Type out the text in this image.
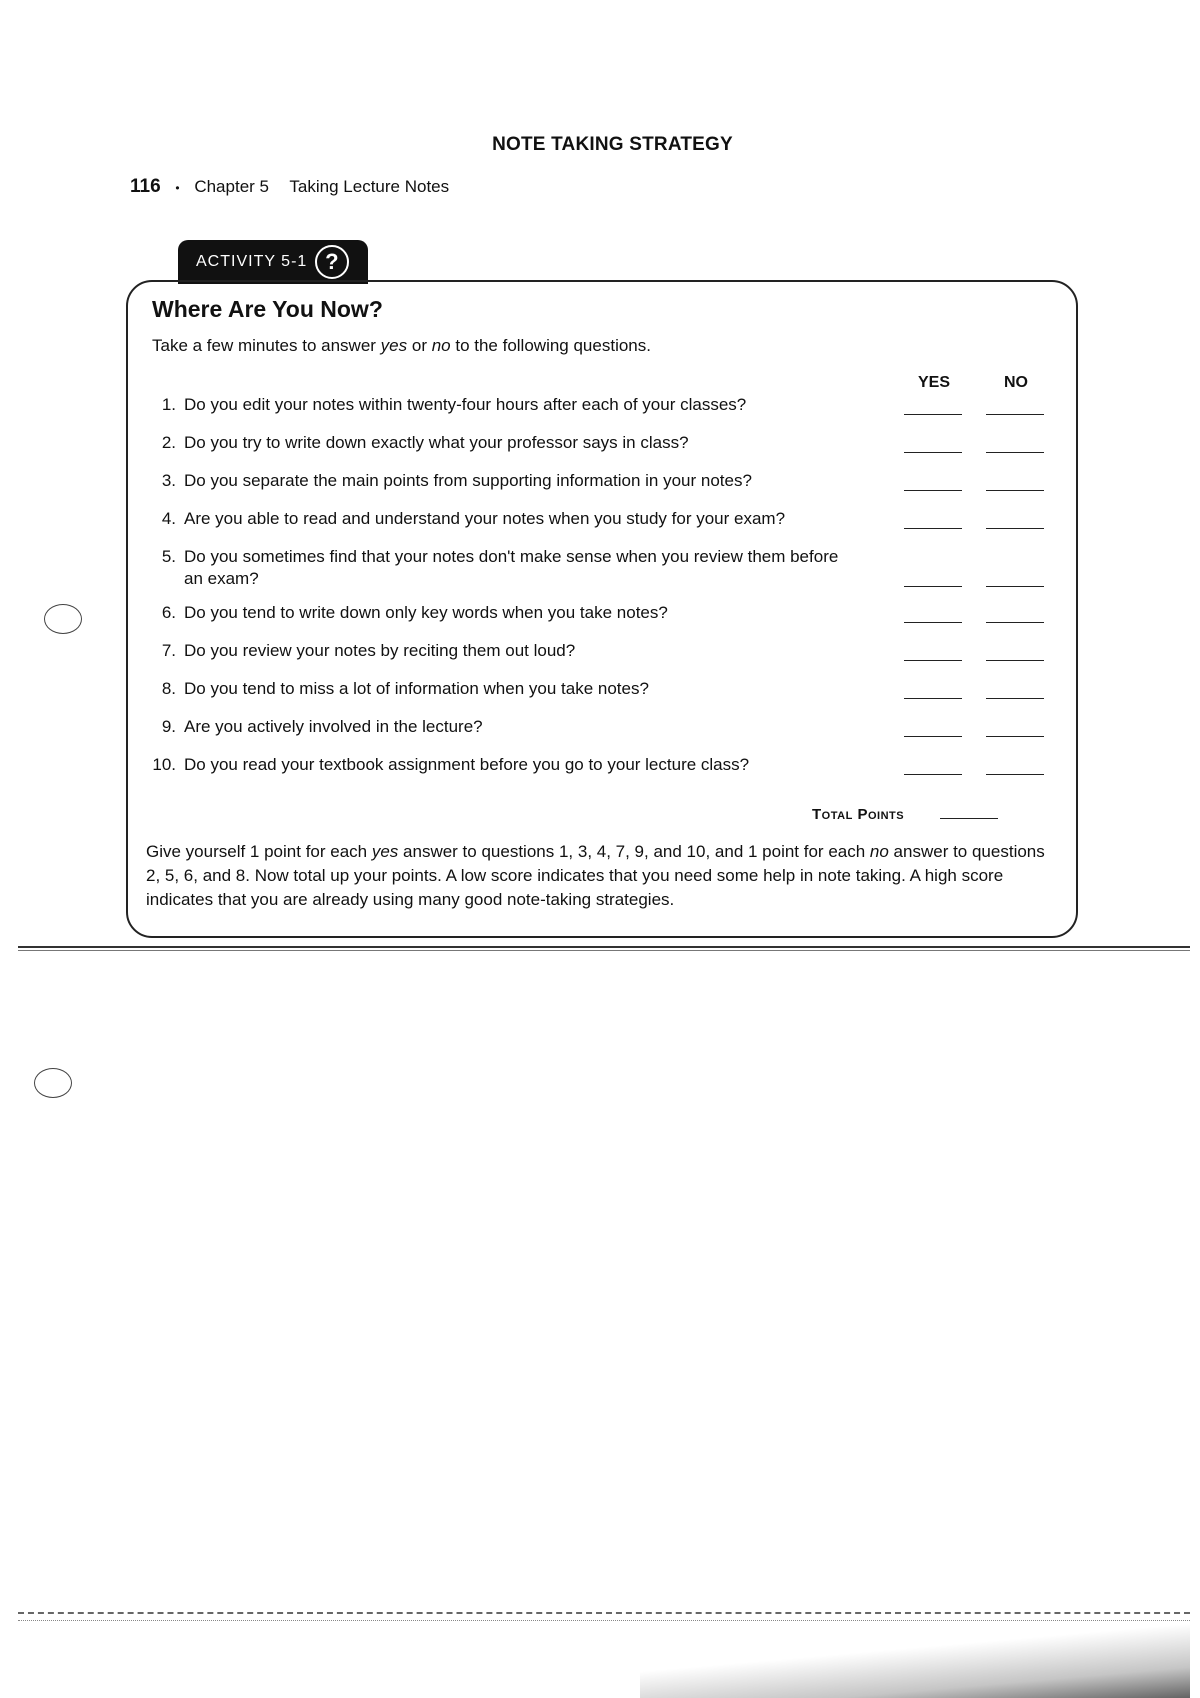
NOTE TAKING STRATEGY
116 • Chapter 5 Taking Lecture Notes
ACTIVITY 5-1 ?
Where Are You Now?
Take a few minutes to answer yes or no to the following questions.
YES	NO
1. Do you edit your notes within twenty-four hours after each of your classes?
2. Do you try to write down exactly what your professor says in class?
3. Do you separate the main points from supporting information in your notes?
4. Are you able to read and understand your notes when you study for your exam?
5. Do you sometimes find that your notes don't make sense when you review them before an exam?
6. Do you tend to write down only key words when you take notes?
7. Do you review your notes by reciting them out loud?
8. Do you tend to miss a lot of information when you take notes?
9. Are you actively involved in the lecture?
10. Do you read your textbook assignment before you go to your lecture class?
Total Points
Give yourself 1 point for each yes answer to questions 1, 3, 4, 7, 9, and 10, and 1 point for each no answer to questions 2, 5, 6, and 8. Now total up your points. A low score indicates that you need some help in note taking. A high score indicates that you are already using many good note-taking strategies.
